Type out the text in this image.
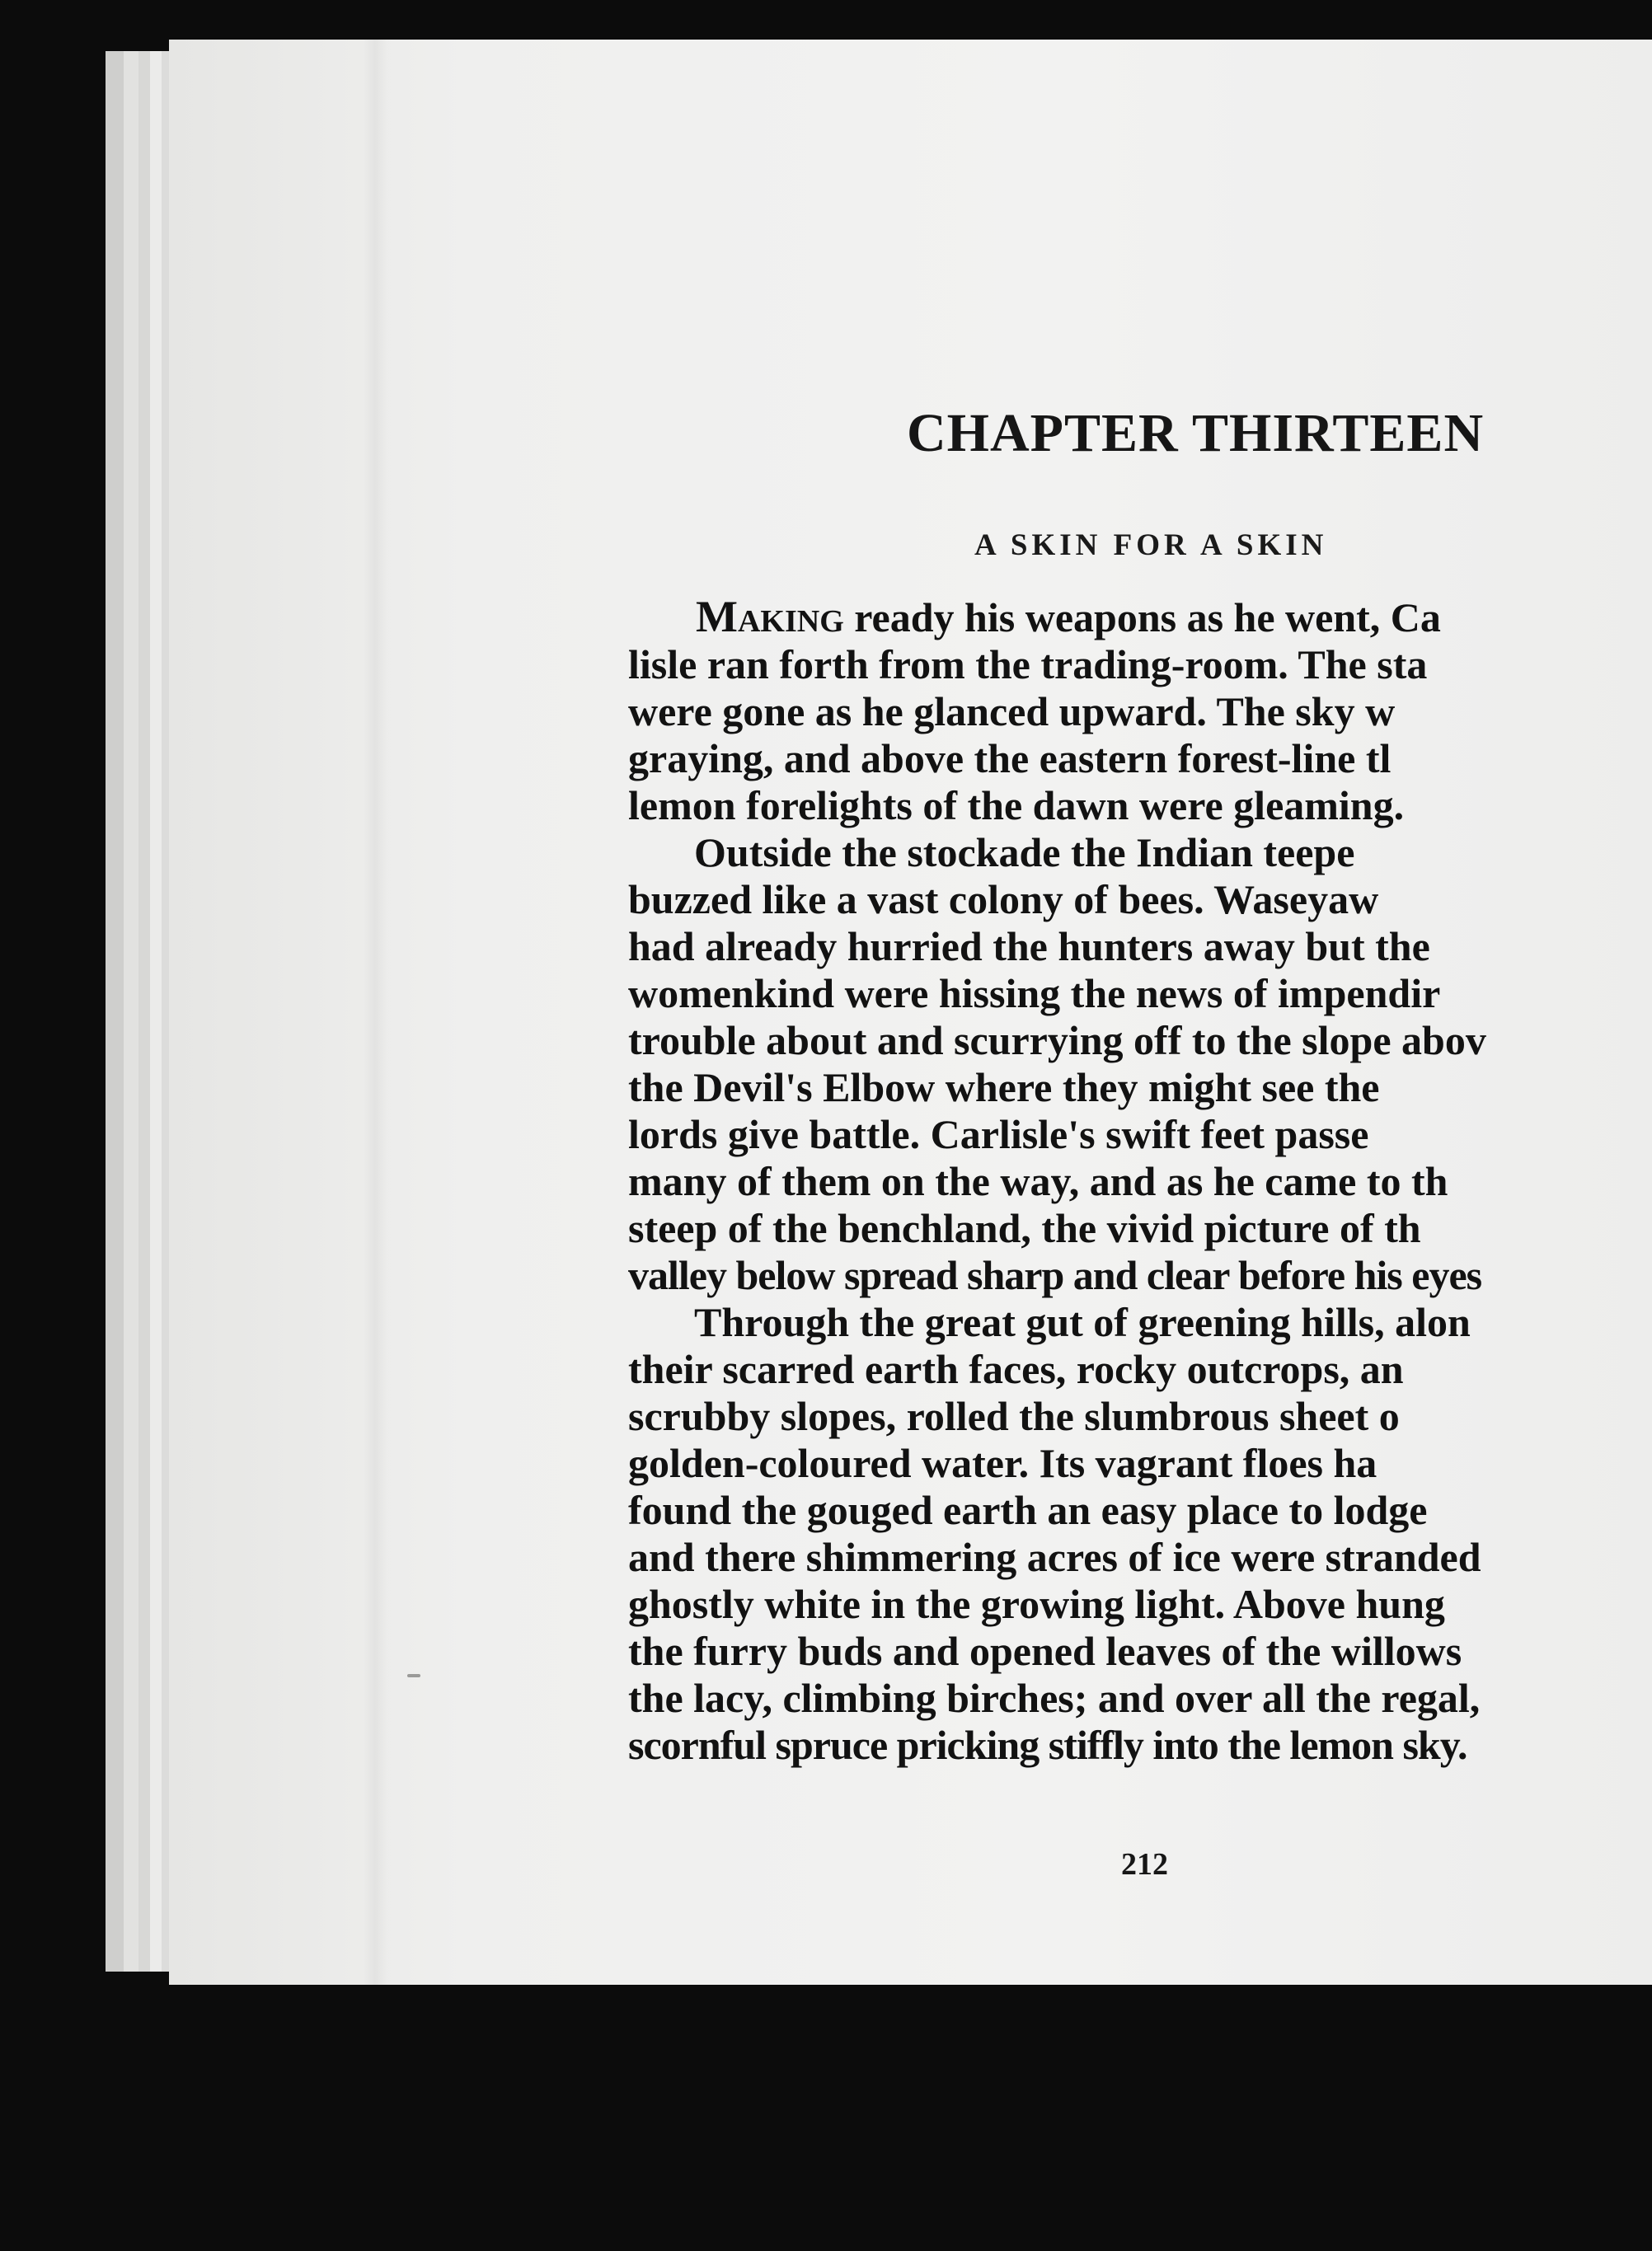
CHAPTER THIRTEEN
A SKIN FOR A SKIN
Making ready his weapons as he went, Ca
lisle ran forth from the trading-room. The sta
were gone as he glanced upward. The sky w
graying, and above the eastern forest-line tl
lemon forelights of the dawn were gleaming.
Outside the stockade the Indian teepe
buzzed like a vast colony of bees. Waseyaw
had already hurried the hunters away but the
womenkind were hissing the news of impendir
trouble about and scurrying off to the slope abov
the Devil's Elbow where they might see the
lords give battle. Carlisle's swift feet passe
many of them on the way, and as he came to th
steep of the benchland, the vivid picture of th
valley below spread sharp and clear before his eyes
Through the great gut of greening hills, alon
their scarred earth faces, rocky outcrops, an
scrubby slopes, rolled the slumbrous sheet o
golden-coloured water. Its vagrant floes ha
found the gouged earth an easy place to lodge
and there shimmering acres of ice were stranded
ghostly white in the growing light. Above hung
the furry buds and opened leaves of the willows
the lacy, climbing birches; and over all the regal,
scornful spruce pricking stiffly into the lemon sky.
212
